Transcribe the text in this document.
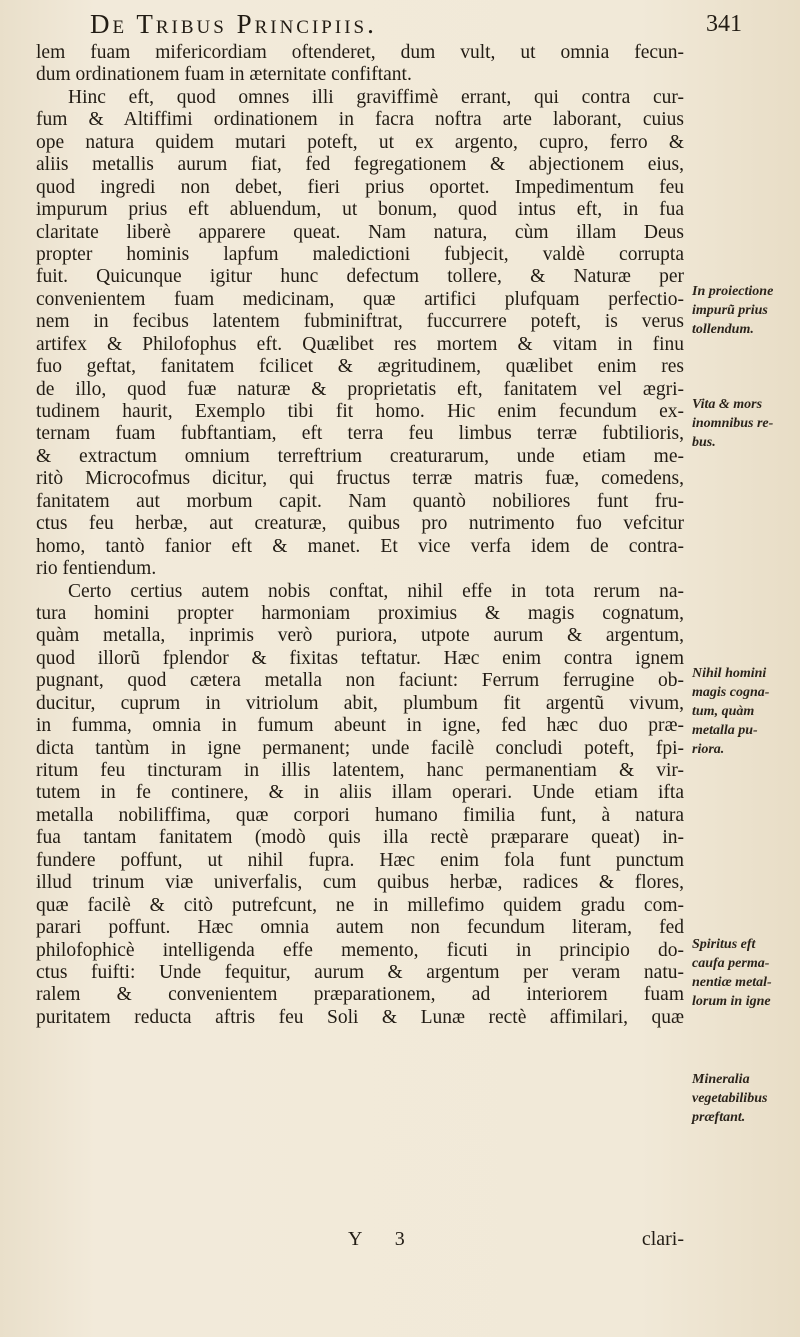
De Tribus Principiis.	341
lem fuam mifericordiam oftenderet, dum vult, ut omnia fecun-
dum ordinationem fuam in æternitate confiftant.
Hinc eft, quod omnes illi graviffimè errant, qui contra cur-
fum & Altiffimi ordinationem in facra noftra arte laborant, cuius
ope natura quidem mutari poteft, ut ex argento, cupro, ferro &
aliis metallis aurum fiat, fed fegregationem & abjectionem eius,
quod ingredi non debet, fieri prius oportet. Impedimentum feu
impurum prius eft abluendum, ut bonum, quod intus eft, in fua
claritate liberè apparere queat. Nam natura, cùm illam Deus
propter hominis lapfum maledictioni fubjecit, valdè corrupta
fuit. Quicunque igitur hunc defectum tollere, & Naturæ per
convenientem fuam medicinam, quæ artifici plufquam perfectio-
nem in fecibus latentem fubminiftrat, fuccurrere poteft, is verus
artifex & Philofophus eft. Quælibet res mortem & vitam in finu
fuo geftat, fanitatem fcilicet & ægritudinem, quælibet enim res
de illo, quod fuæ naturæ & proprietatis eft, fanitatem vel ægri-
tudinem haurit, Exemplo tibi fit homo. Hic enim fecundum ex-
ternam fuam fubftantiam, eft terra feu limbus terræ fubtilioris,
& extractum omnium terreftrium creaturarum, unde etiam me-
ritò Microcofmus dicitur, qui fructus terræ matris fuæ, comedens,
fanitatem aut morbum capit. Nam quantò nobiliores funt fru-
ctus feu herbæ, aut creaturæ, quibus pro nutrimento fuo vefcitur
homo, tantò fanior eft & manet. Et vice verfa idem de contra-
rio fentiendum.
Certo certius autem nobis conftat, nihil effe in tota rerum na-
tura homini propter harmoniam proximius & magis cognatum,
quàm metalla, inprimis verò puriora, utpote aurum & argentum,
quod illorũ fplendor & fixitas teftatur. Hæc enim contra ignem
pugnant, quod cætera metalla non faciunt: Ferrum ferrugine ob-
ducitur, cuprum in vitriolum abit, plumbum fit argentũ vivum,
in fumma, omnia in fumum abeunt in igne, fed hæc duo præ-
dicta tantùm in igne permanent; unde facilè concludi poteft, fpi-
ritum feu tincturam in illis latentem, hanc permanentiam & vir-
tutem in fe continere, & in aliis illam operari. Unde etiam ifta
metalla nobiliffima, quæ corpori humano fimilia funt, à natura
fua tantam fanitatem (modò quis illa rectè præparare queat) in-
fundere poffunt, ut nihil fupra. Hæc enim fola funt punctum
illud trinum viæ univerfalis, cum quibus herbæ, radices & flores,
quæ facilè & citò putrefcunt, ne in millefimo quidem gradu com-
parari poffunt. Hæc omnia autem non fecundum literam, fed
philofophicè intelligenda effe memento, ficuti in principio do-
ctus fuifti: Unde fequitur, aurum & argentum per veram natu-
ralem & convenientem præparationem, ad interiorem fuam
puritatem reducta aftris feu Soli & Lunæ rectè affimilari, quæ
In proiectione
impurũ prius
tollendum.
Vita & mors
inomnibus re-
bus.
Nihil homini
magis cogna-
tum, quàm
metalla pu-
riora.
Spiritus eft
caufa perma-
nentiæ metal-
lorum in igne
Mineralia
vegetabilibus
præftant.
Y 3	clari-
